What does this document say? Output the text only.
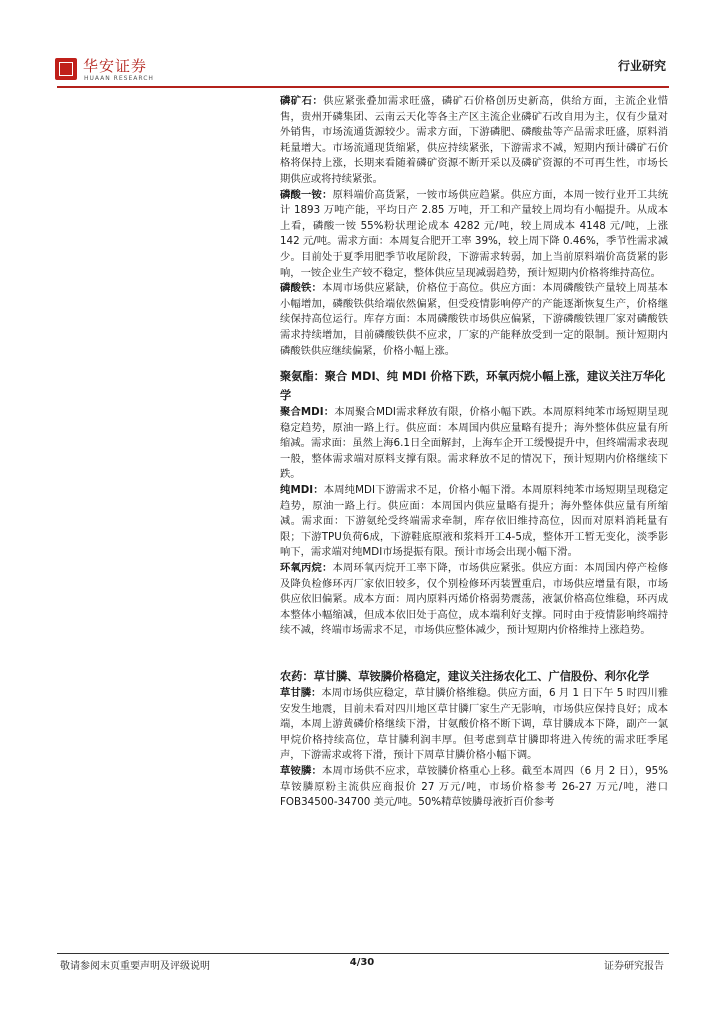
华安证券
HUAAN RESEARCH
行业研究

磷矿石：供应紧张叠加需求旺盛，磷矿石价格创历史新高，供给方面，主流企业惜售，贵州开磷集团、云南云天化等各主产区主流企业磷矿石改自用为主，仅有少量对外销售，市场流通货源较少。需求方面，下游磷肥、磷酸盐等产品需求旺盛，原料消耗量增大。市场流通现货缩紧，供应持续紧张，下游需求不减，短期内预计磷矿石价格将保持上涨，长期来看随着磷矿资源不断开采以及磷矿资源的不可再生性，市场长期供应或将持续紧张。

磷酸一铵：原料端价高货紧，一铵市场供应趋紧。供应方面，本周一铵行业开工共统计 1893 万吨产能，平均日产 2.85 万吨，开工和产量较上周均有小幅提升。从成本上看，磷酸一铵 55%粉状理论成本 4282 元/吨，较上周成本 4148 元/吨，上涨 142 元/吨。需求方面：本周复合肥开工率 39%，较上周下降 0.46%，季节性需求减少。目前处于夏季用肥季节收尾阶段，下游需求转弱，加上当前原料端价高货紧的影响，一铵企业生产较不稳定，整体供应呈现减弱趋势，预计短期内价格将维持高位。

磷酸铁：本周市场供应紧缺，价格位于高位。供应方面：本周磷酸铁产量较上周基本小幅增加，磷酸铁供给端依然偏紧，但受疫情影响停产的产能逐渐恢复生产，价格继续保持高位运行。库存方面：本周磷酸铁市场供应偏紧，下游磷酸铁锂厂家对磷酸铁需求持续增加，目前磷酸铁供不应求，厂家的产能释放受到一定的限制。预计短期内磷酸铁供应继续偏紧，价格小幅上涨。

聚氨酯：聚合 MDI、纯 MDI 价格下跌，环氧丙烷小幅上涨，建议关注万华化学

聚合MDI：本周聚合MDI需求释放有限，价格小幅下跌。本周原料纯苯市场短期呈现稳定趋势，原油一路上行。供应面：本周国内供应量略有提升；海外整体供应量有所缩减。需求面：虽然上海6.1日全面解封，上海车企开工缓慢提升中，但终端需求表现一般，整体需求端对原料支撑有限。需求释放不足的情况下，预计短期内价格继续下跌。

纯MDI：本周纯MDI下游需求不足，价格小幅下滑。本周原料纯苯市场短期呈现稳定趋势，原油一路上行。供应面：本周国内供应量略有提升；海外整体供应量有所缩减。需求面：下游氨纶受终端需求牵制，库存依旧维持高位，因而对原料消耗量有限；下游TPU负荷6成，下游鞋底原液和浆料开工4-5成，整体开工暂无变化，淡季影响下，需求端对纯MDI市场提振有限。预计市场会出现小幅下滑。

环氧丙烷：本周环氧丙烷开工率下降，市场供应紧张。供应方面：本周国内停产检修及降负检修环丙厂家依旧较多，仅个别检修环丙装置重启，市场供应增量有限，市场供应依旧偏紧。成本方面：周内原料丙烯价格弱势震荡，液氯价格高位维稳，环丙成本整体小幅缩减，但成本依旧处于高位，成本端利好支撑。同时由于疫情影响终端持续不减，终端市场需求不足，市场供应整体减少，预计短期内价格维持上涨趋势。

农药：草甘膦、草铵膦价格稳定，建议关注扬农化工、广信股份、利尔化学

草甘膦：本周市场供应稳定，草甘膦价格维稳。供应方面，6 月 1 日下午 5 时四川雅安发生地震，目前未看对四川地区草甘膦厂家生产无影响，市场供应保持良好；成本端，本周上游黄磷价格继续下滑，甘氨酸价格不断下调，草甘膦成本下降，副产一氯甲烷价格持续高位，草甘膦利润丰厚。但考虑到草甘膦即将进入传统的需求旺季尾声，下游需求或将下滑，预计下周草甘膦价格小幅下调。

草铵膦：本周市场供不应求，草铵膦价格重心上移。截至本周四（6 月 2 日），95%草铵膦原粉主流供应商报价 27 万元/吨，市场价格参考 26-27 万元/吨，港口 FOB34500-34700 美元/吨。50%精草铵膦母液折百价参考

敬请参阅末页重要声明及评级说明	4/30	证券研究报告
